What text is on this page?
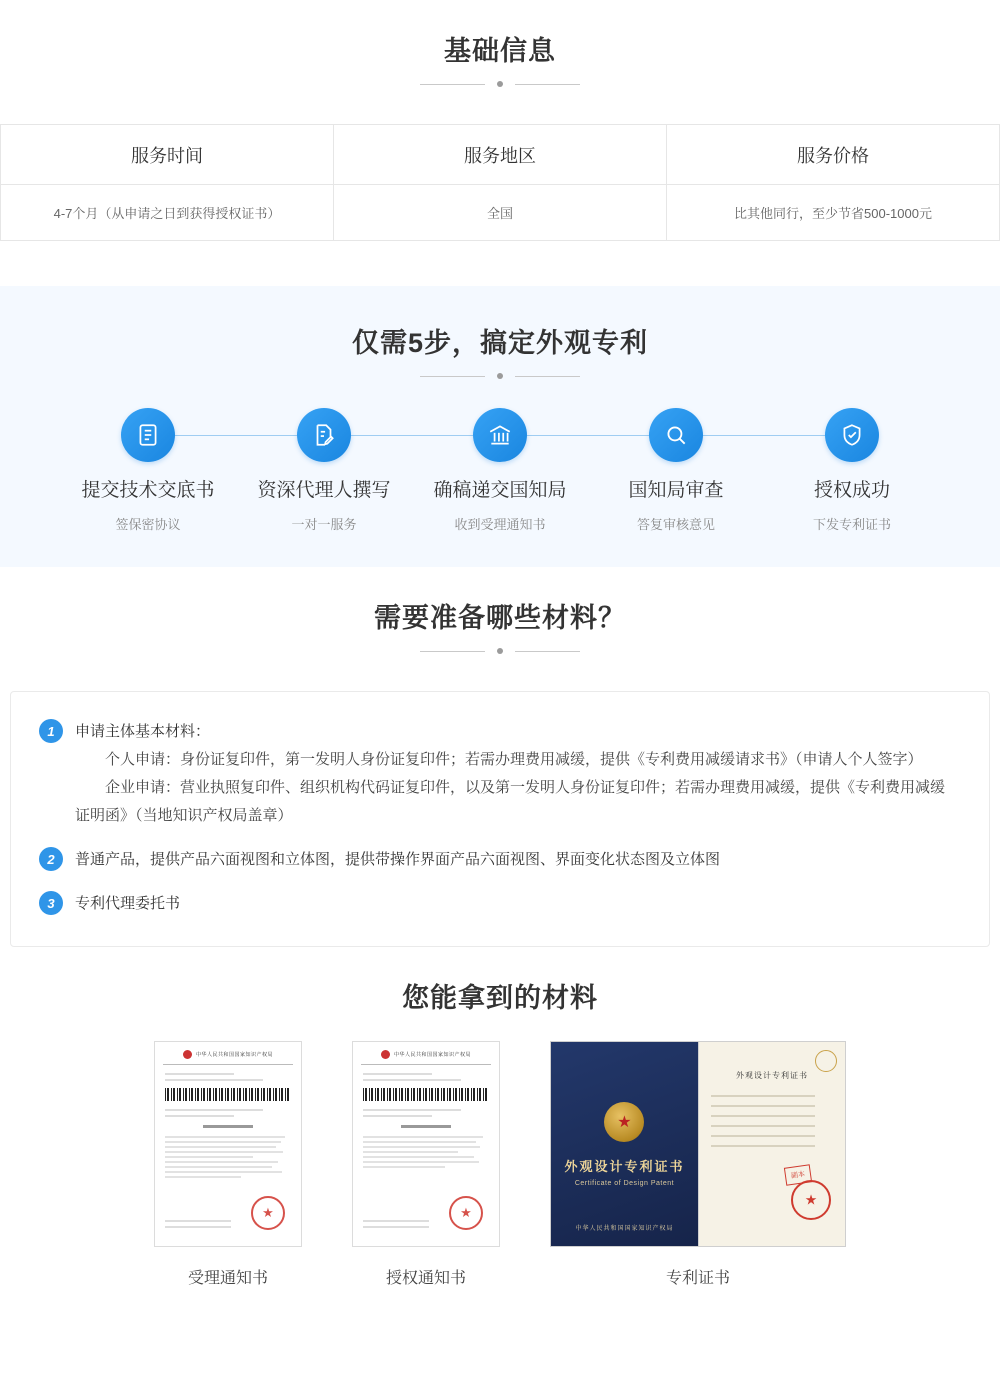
基础信息
服务时间	服务地区	服务价格
4-7个月（从申请之日到获得授权证书）	全国	比其他同行，至少节省500-1000元
仅需5步，搞定外观专利
提交技术交底书
签保密协议
资深代理人撰写
一对一服务
确稿递交国知局
收到受理通知书
国知局审查
答复审核意见
授权成功
下发专利证书
需要准备哪些材料？
1	申请主体基本材料：
个人申请：身份证复印件，第一发明人身份证复印件；若需办理费用减缓，提供《专利费用减缓请求书》（申请人个人签字）
企业申请：营业执照复印件、组织机构代码证复印件，以及第一发明人身份证复印件；若需办理费用减缓，提供《专利费用减缓证明函》（当地知识产权局盖章）
2	普通产品，提供产品六面视图和立体图，提供带操作界面产品六面视图、界面变化状态图及立体图
3	专利代理委托书
您能拿到的材料
中华人民共和国国家知识产权局
★
受理通知书
中华人民共和国国家知识产权局
★
授权通知书
★
外观设计专利证书
Certificate of Design Patent
中华人民共和国国家知识产权局
外观设计专利证书
副本
★
专利证书
